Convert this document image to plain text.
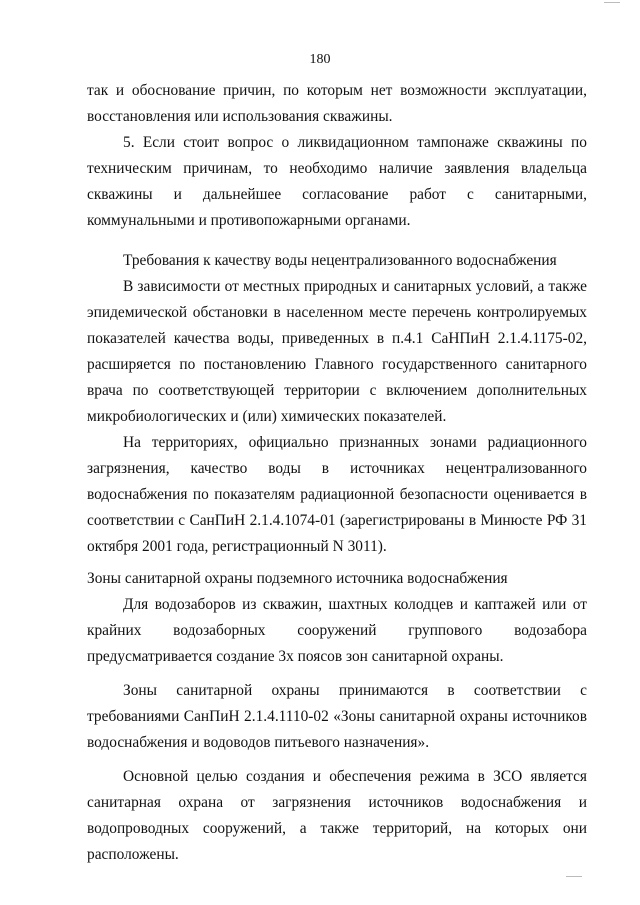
180

так и обоснование причин, по которым нет возможности эксплуатации, восстановления или использования скважины.

5. Если стоит вопрос о ликвидационном тампонаже скважины по техническим причинам, то необходимо наличие заявления владельца скважины и дальнейшее согласование работ с санитарными, коммунальными и противопожарными органами.

Требования к качеству воды нецентрализованного водоснабжения

В зависимости от местных природных и санитарных условий, а также эпидемической обстановки в населенном месте перечень контролируемых показателей качества воды, приведенных в п.4.1 СаНПиН 2.1.4.1175-02, расширяется по постановлению Главного государственного санитарного врача по соответствующей территории с включением дополнительных микробиологических и (или) химических показателей.

На территориях, официально признанных зонами радиационного загрязнения, качество воды в источниках нецентрализованного водоснабжения по показателям радиационной безопасности оценивается в соответствии с СанПиН 2.1.4.1074-01 (зарегистрированы в Минюсте РФ 31 октября 2001 года, регистрационный N 3011).

Зоны санитарной охраны подземного источника водоснабжения

Для водозаборов из скважин, шахтных колодцев и каптажей или от крайних водозаборных сооружений группового водозабора предусматривается создание 3х поясов зон санитарной охраны.

Зоны санитарной охраны принимаются в соответствии с требованиями СанПиН 2.1.4.1110-02 «Зоны санитарной охраны источников водоснабжения и водоводов питьевого назначения».

Основной целью создания и обеспечения режима в ЗСО является санитарная охрана от загрязнения источников водоснабжения и водопроводных сооружений, а также территорий, на которых они расположены.
